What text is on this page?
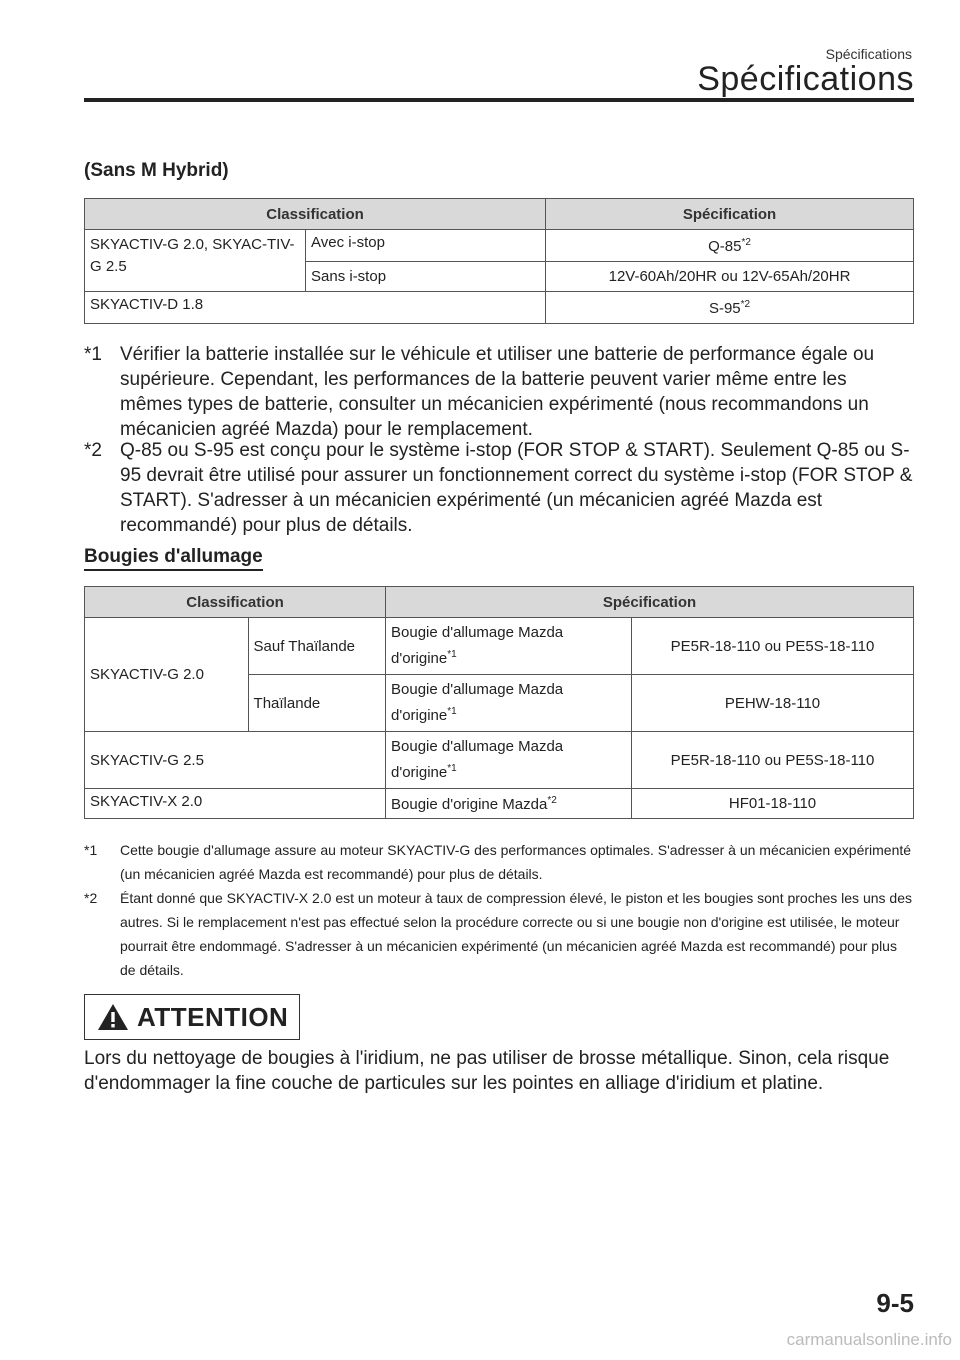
Spécifications
Spécifications
(Sans M Hybrid)
Classification		Spécification
SKYACTIV-G 2.0, SKYAC-TIV-G 2.5	Avec i-stop	Q-85$^{*2}$
	Sans i-stop	12V-60Ah/20HR ou 12V-65Ah/20HR
SKYACTIV-D 1.8		S-95$^{*2}$
*1 Vérifier la batterie installée sur le véhicule et utiliser une batterie de performance égale ou supérieure. Cependant, les performances de la batterie peuvent varier même entre les mêmes types de batterie, consulter un mécanicien expérimenté (nous recommandons un mécanicien agréé Mazda) pour le remplacement.
*2 Q-85 ou S-95 est conçu pour le système i-stop (FOR STOP & START). Seulement Q-85 ou S-95 devrait être utilisé pour assurer un fonctionnement correct du système i-stop (FOR STOP & START). S'adresser à un mécanicien expérimenté (un mécanicien agréé Mazda est recommandé) pour plus de détails.
Bougies d'allumage
Classification		Spécification	
SKYACTIV-G 2.0	Sauf Thaïlande	Bougie d'allumage Mazda d'origine$^{*1}$	PE5R-18-110 ou PE5S-18-110
	Thaïlande	Bougie d'allumage Mazda d'origine$^{*1}$	PEHW-18-110
SKYACTIV-G 2.5		Bougie d'allumage Mazda d'origine$^{*1}$	PE5R-18-110 ou PE5S-18-110
SKYACTIV-X 2.0		Bougie d'origine Mazda$^{*2}$	HF01-18-110
*1 Cette bougie d'allumage assure au moteur SKYACTIV-G des performances optimales. S'adresser à un mécanicien expérimenté (un mécanicien agréé Mazda est recommandé) pour plus de détails.
*2 Étant donné que SKYACTIV-X 2.0 est un moteur à taux de compression élevé, le piston et les bougies sont proches les uns des autres. Si le remplacement n'est pas effectué selon la procédure correcte ou si une bougie non d'origine est utilisée, le moteur pourrait être endommagé. S'adresser à un mécanicien expérimenté (un mécanicien agréé Mazda est recommandé) pour plus de détails.
ATTENTION
Lors du nettoyage de bougies à l'iridium, ne pas utiliser de brosse métallique. Sinon, cela risque d'endommager la fine couche de particules sur les pointes en alliage d'iridium et platine.
9-5
carmanualsonline.info
